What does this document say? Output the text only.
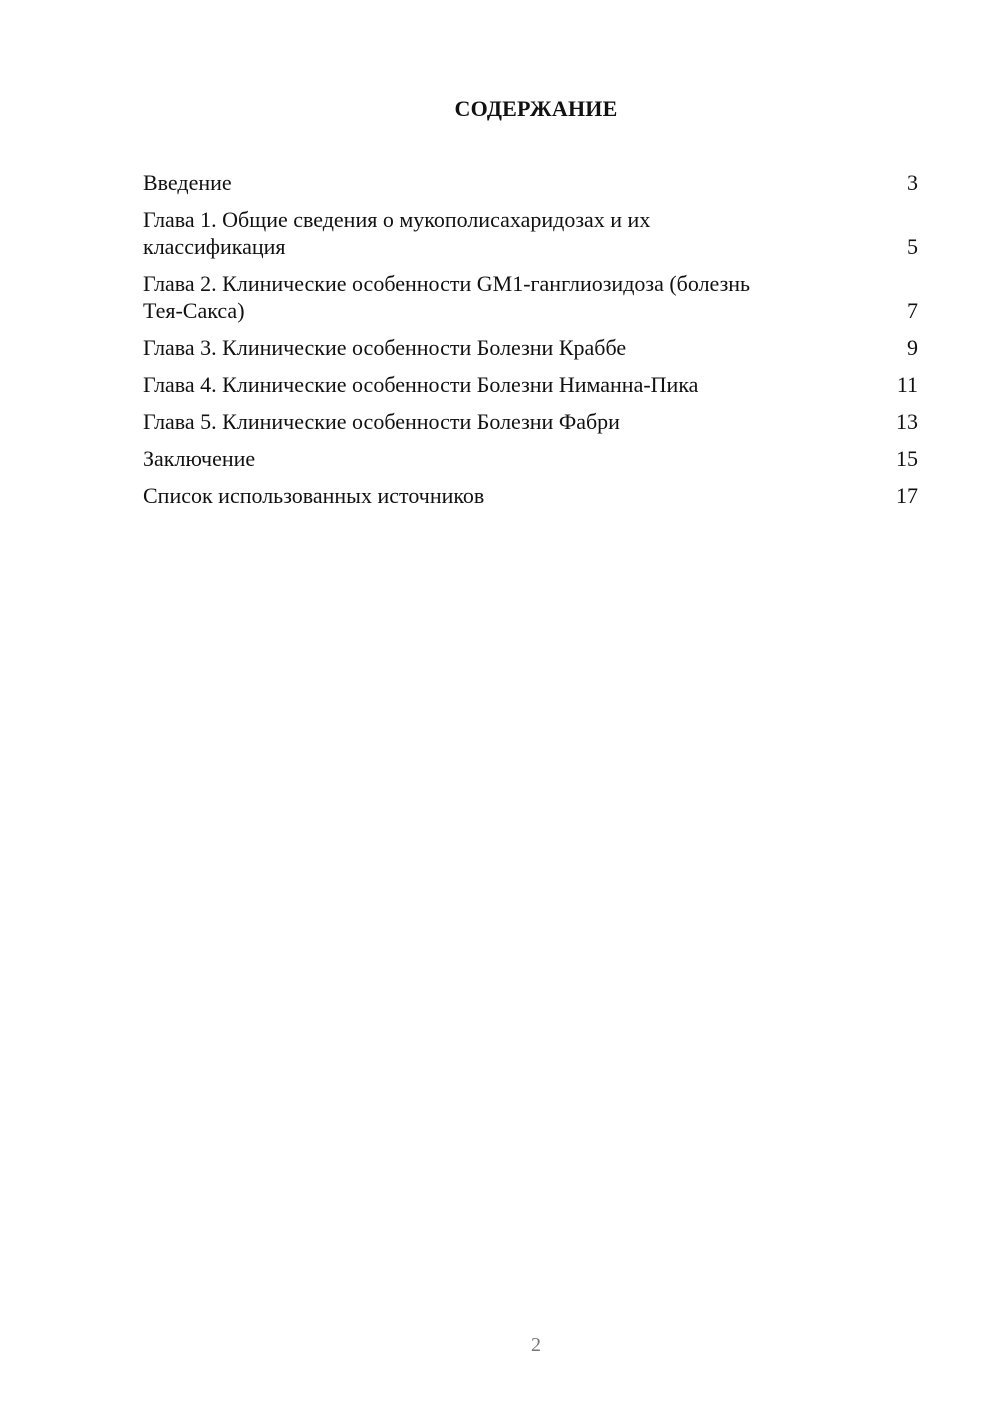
СОДЕРЖАНИЕ
Введение	3
Глава 1. Общие сведения о мукополисахаридозах и их классификация	5
Глава 2. Клинические особенности GM1-ганглиозидоза (болезнь Тея-Сакса)	7
Глава 3. Клинические особенности Болезни Краббе	9
Глава 4. Клинические особенности Болезни Ниманна-Пика	11
Глава 5. Клинические особенности Болезни Фабри	13
Заключение	15
Список использованных источников	17
2
